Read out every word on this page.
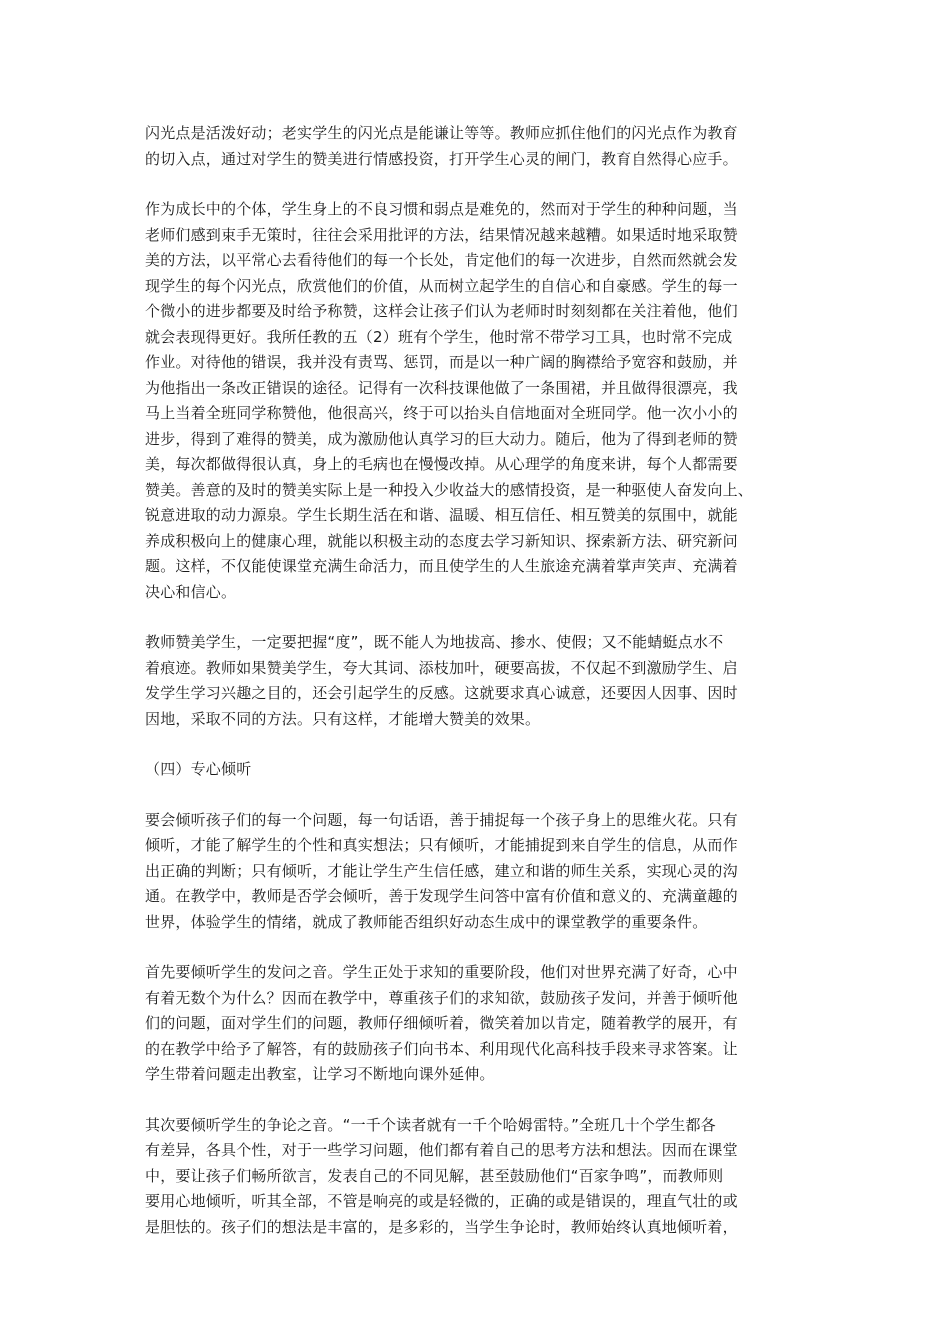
闪光点是活泼好动；老实学生的闪光点是能谦让等等。教师应抓住他们的闪光点作为教育
的切入点，通过对学生的赞美进行情感投资，打开学生心灵的闸门，教育自然得心应手。
作为成长中的个体，学生身上的不良习惯和弱点是难免的，然而对于学生的种种问题，当
老师们感到束手无策时，往往会采用批评的方法，结果情况越来越糟。如果适时地采取赞
美的方法，以平常心去看待他们的每一个长处，肯定他们的每一次进步，自然而然就会发
现学生的每个闪光点，欣赏他们的价值，从而树立起学生的自信心和自豪感。学生的每一
个微小的进步都要及时给予称赞，这样会让孩子们认为老师时时刻刻都在关注着他，他们
就会表现得更好。我所任教的五（2）班有个学生，他时常不带学习工具，也时常不完成
作业。对待他的错误，我并没有责骂、惩罚，而是以一种广阔的胸襟给予宽容和鼓励，并
为他指出一条改正错误的途径。记得有一次科技课他做了一条围裙，并且做得很漂亮，我
马上当着全班同学称赞他，他很高兴，终于可以抬头自信地面对全班同学。他一次小小的
进步，得到了难得的赞美，成为激励他认真学习的巨大动力。随后，他为了得到老师的赞
美，每次都做得很认真，身上的毛病也在慢慢改掉。从心理学的角度来讲，每个人都需要
赞美。善意的及时的赞美实际上是一种投入少收益大的感情投资，是一种驱使人奋发向上、
锐意进取的动力源泉。学生长期生活在和谐、温暖、相互信任、相互赞美的氛围中，就能
养成积极向上的健康心理，就能以积极主动的态度去学习新知识、探索新方法、研究新问
题。这样，不仅能使课堂充满生命活力，而且使学生的人生旅途充满着掌声笑声、充满着
决心和信心。
教师赞美学生，一定要把握“度”，既不能人为地拔高、掺水、使假；又不能蜻蜓点水不
着痕迹。教师如果赞美学生，夸大其词、添枝加叶，硬要高拔，不仅起不到激励学生、启
发学生学习兴趣之目的，还会引起学生的反感。这就要求真心诚意，还要因人因事、因时
因地，采取不同的方法。只有这样，才能增大赞美的效果。
（四）专心倾听
要会倾听孩子们的每一个问题，每一句话语，善于捕捉每一个孩子身上的思维火花。只有
倾听，才能了解学生的个性和真实想法；只有倾听，才能捕捉到来自学生的信息，从而作
出正确的判断；只有倾听，才能让学生产生信任感，建立和谐的师生关系，实现心灵的沟
通。在教学中，教师是否学会倾听，善于发现学生问答中富有价值和意义的、充满童趣的
世界，体验学生的情绪，就成了教师能否组织好动态生成中的课堂教学的重要条件。
首先要倾听学生的发问之音。学生正处于求知的重要阶段，他们对世界充满了好奇，心中
有着无数个为什么？因而在教学中，尊重孩子们的求知欲，鼓励孩子发问，并善于倾听他
们的问题，面对学生们的问题，教师仔细倾听着，微笑着加以肯定，随着教学的展开，有
的在教学中给予了解答，有的鼓励孩子们向书本、利用现代化高科技手段来寻求答案。让
学生带着问题走出教室，让学习不断地向课外延伸。
其次要倾听学生的争论之音。“一千个读者就有一千个哈姆雷特。”全班几十个学生都各
有差异，各具个性，对于一些学习问题，他们都有着自己的思考方法和想法。因而在课堂
中，要让孩子们畅所欲言，发表自己的不同见解，甚至鼓励他们“百家争鸣”，而教师则
要用心地倾听，听其全部，不管是响亮的或是轻微的，正确的或是错误的，理直气壮的或
是胆怯的。孩子们的想法是丰富的，是多彩的，当学生争论时，教师始终认真地倾听着，
